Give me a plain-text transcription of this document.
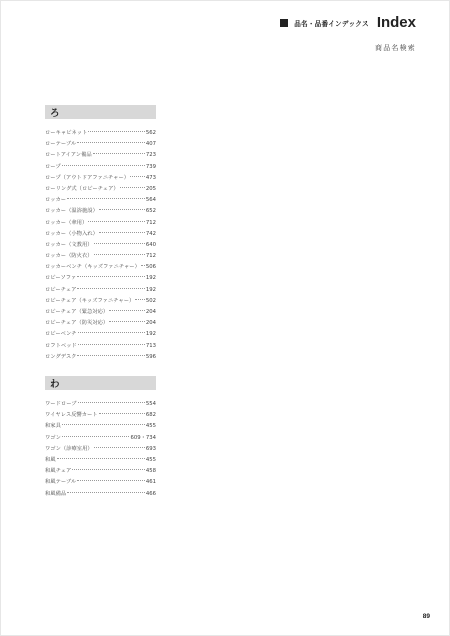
品名・品番インデックス Index
商品名検索
ろ
ローキャビネット	562
ローテーブル	407
ロートアイアン備品	723
ロープ	739
ロープ（アウトドアファニチャー）	473
ローリング式（ロビーチェア）	205
ロッカー	564
ロッカー（温浴施設）	652
ロッカー（傘用）	712
ロッカー（小物入れ）	742
ロッカー（文教用）	640
ロッカー（防火衣）	712
ロッカーベンチ（キッズファニチャー） 506
ロビーソファ	192
ロビーチェア	192
ロビーチェア（キッズファニチャー） 502
ロビーチェア（緊急対応）	204
ロビーチェア（防災対応）	204
ロビーベンチ	192
ロフトベッド	713
ロングデスク	596
わ
ワードローブ	554
ワイヤレス反響カート	682
和家具	455
ワゴン	609・734
ワゴン（診療室用）	693
和風	455
和風チェア	458
和風テーブル	461
和風備品	466
89
